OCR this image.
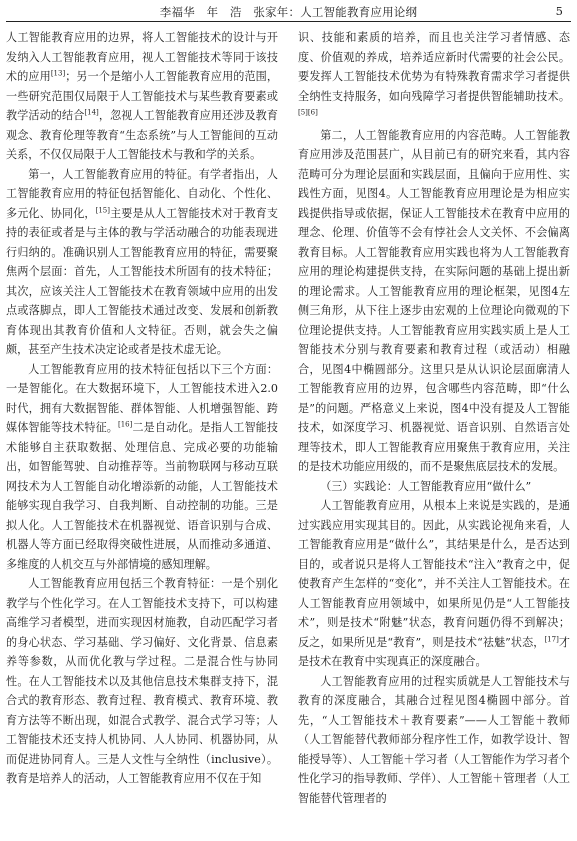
李福华　年　浩　张家年：人工智能教育应用论纲	5

人工智能教育应用的边界，将人工智能技术的设计与开发纳入人工智能教育应用，视人工智能技术等同于该技术的应用[13]；另一个是缩小人工智能教育应用的范围，一些研究范围仅局限于人工智能技术与某些教育要素或教学活动的结合[14]，忽视人工智能教育应用还涉及教育观念、教育伦理等教育“生态系统”与人工智能间的互动关系，不仅仅局限于人工智能技术与教和学的关系。

第一，人工智能教育应用的特征。有学者指出，人工智能教育应用的特征包括智能化、自动化、个性化、多元化、协同化，[15]主要是从人工智能技术对于教育支持的表征或者是与主体的教与学活动融合的功能表现进行归纳的。准确识别人工智能教育应用的特征，需要聚焦两个层面：首先，人工智能技术所固有的技术特征；其次，应该关注人工智能技术在教育领域中应用的出发点或落脚点，即人工智能技术通过改变、发展和创新教育体现出其教育价值和人文特征。否则，就会失之偏颇，甚至产生技术决定论或者是技术虚无论。

人工智能教育应用的技术特征包括以下三个方面：一是智能化。在大数据环境下，人工智能技术进入2.0时代，拥有大数据智能、群体智能、人机增强智能、跨媒体智能等技术特征。[16]二是自动化。是指人工智能技术能够自主获取数据、处理信息、完成必要的功能输出，如智能驾驶、自动推荐等。当前物联网与移动互联网技术为人工智能自动化增添新的动能，人工智能技术能够实现自我学习、自我判断、自动控制的功能。三是拟人化。人工智能技术在机器视觉、语音识别与合成、机器人等方面已经取得突破性进展，从而推动多通道、多维度的人机交互与外部情境的感知理解。

人工智能教育应用包括三个教育特征：一是个别化教学与个性化学习。在人工智能技术支持下，可以构建高维学习者模型，进而实现因材施教，自动匹配学习者的身心状态、学习基础、学习偏好、文化背景、信息素养等参数，从而优化教与学过程。二是混合性与协同性。在人工智能技术以及其他信息技术集群支持下，混合式的教育形态、教育过程、教育模式、教育环境、教育方法等不断出现，如混合式教学、混合式学习等；人工智能技术还支持人机协同、人人协同、机器协同，从而促进协同育人。三是人文性与全纳性（inclusive）。教育是培养人的活动，人工智能教育应用不仅在于知

识、技能和素质的培养，而且也关注学习者情感、态度、价值观的养成，培养适应新时代需要的社会公民。要发挥人工智能技术优势为有特殊教育需求学习者提供全纳性支持服务，如向残障学习者提供智能辅助技术。[5][6]

第二，人工智能教育应用的内容范畴。人工智能教育应用涉及范围甚广，从目前已有的研究来看，其内容范畴可分为理论层面和实践层面，且偏向于应用性、实践性方面，见图4。人工智能教育应用理论是为相应实践提供指导或依据，保证人工智能技术在教育中应用的理念、伦理、价值等不会有悖社会人文关怀、不会偏离教育目标。人工智能教育应用实践也将为人工智能教育应用的理论构建提供支持，在实际问题的基础上提出新的理论需求。人工智能教育应用的理论框架，见图4左侧三角形，从下往上逐步由宏观的上位理论向微观的下位理论提供支持。人工智能教育应用实践实质上是人工智能技术分别与教育要素和教育过程（或活动）相融合，见图4中椭圆部分。这里只是从认识论层面廓清人工智能教育应用的边界，包含哪些内容范畴，即“什么是”的问题。严格意义上来说，图4中没有提及人工智能技术，如深度学习、机器视觉、语音识别、自然语言处理等技术，即人工智能教育应用聚焦于教育应用，关注的是技术功能应用级的，而不是聚焦底层技术的发展。

（三）实践论：人工智能教育应用“做什么”

人工智能教育应用，从根本上来说是实践的，是通过实践应用实现其目的。因此，从实践论视角来看，人工智能教育应用是“做什么”，其结果是什么，是否达到目的，或者说只是将人工智能技术“注入”教育之中，促使教育产生怎样的“变化”，并不关注人工智能技术。在人工智能教育应用领域中，如果所见仍是“人工智能技术”，则是技术“附魅”状态，教育问题仍得不到解决；反之，如果所见是“教育”，则是技术“祛魅”状态，[17]才是技术在教育中实现真正的深度融合。

人工智能教育应用的过程实质就是人工智能技术与教育的深度融合，其融合过程见图4椭圆中部分。首先，“人工智能技术＋教育要素”——人工智能＋教师（人工智能替代教师部分程序性工作，如教学设计、智能授导等）、人工智能＋学习者（人工智能作为学习者个性化学习的指导教师、学伴）、人工智能＋管理者（人工智能替代管理者的
